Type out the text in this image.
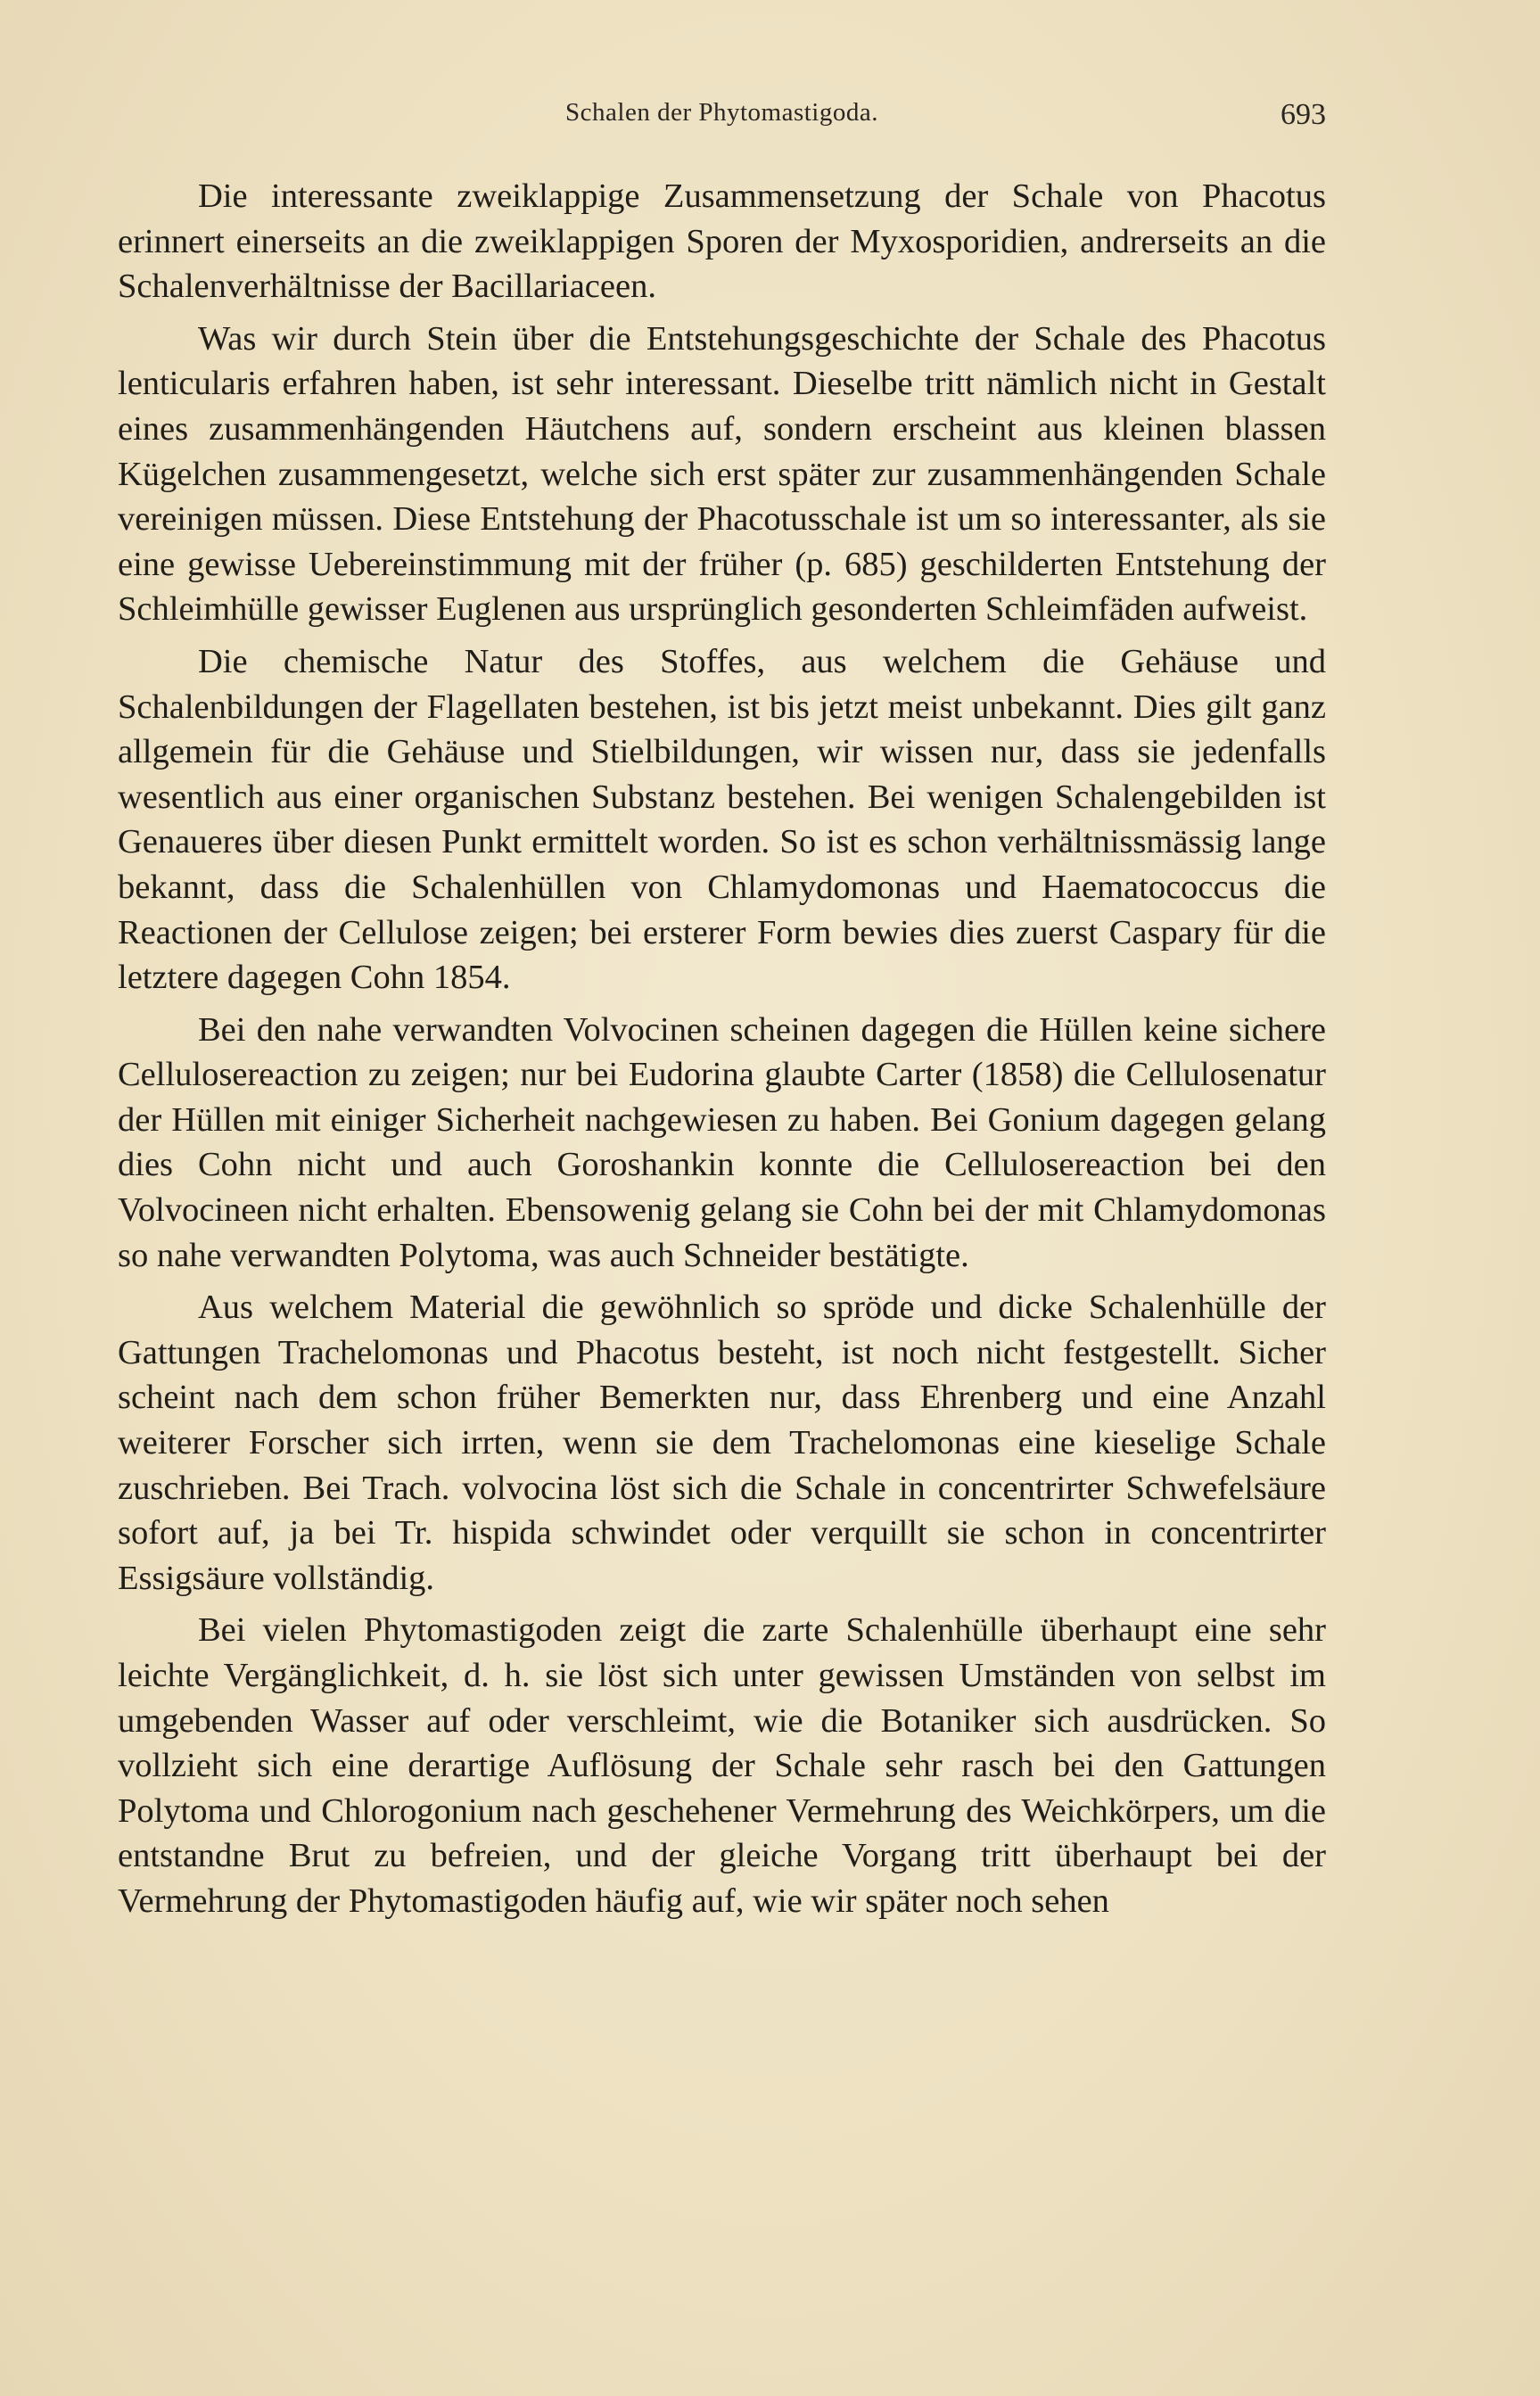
Schalen der Phytomastigoda.	693

Die interessante zweiklappige Zusammensetzung der Schale von Phacotus erinnert einerseits an die zweiklappigen Sporen der Myxosporidien, andrerseits an die Schalenverhältnisse der Bacillariaceen.

Was wir durch Stein über die Entstehungsgeschichte der Schale des Phacotus lenticularis erfahren haben, ist sehr interessant. Dieselbe tritt nämlich nicht in Gestalt eines zusammenhängenden Häutchens auf, sondern erscheint aus kleinen blassen Kügelchen zusammengesetzt, welche sich erst später zur zusammenhängenden Schale vereinigen müssen. Diese Entstehung der Phacotusschale ist um so interessanter, als sie eine gewisse Uebereinstimmung mit der früher (p. 685) geschilderten Entstehung der Schleimhülle gewisser Euglenen aus ursprünglich gesonderten Schleimfäden aufweist.

Die chemische Natur des Stoffes, aus welchem die Gehäuse und Schalenbildungen der Flagellaten bestehen, ist bis jetzt meist unbekannt. Dies gilt ganz allgemein für die Gehäuse und Stielbildungen, wir wissen nur, dass sie jedenfalls wesentlich aus einer organischen Substanz bestehen. Bei wenigen Schalengebilden ist Genaueres über diesen Punkt ermittelt worden. So ist es schon verhältnissmässig lange bekannt, dass die Schalenhüllen von Chlamydomonas und Haematococcus die Reactionen der Cellulose zeigen; bei ersterer Form bewies dies zuerst Caspary für die letztere dagegen Cohn 1854.

Bei den nahe verwandten Volvocinen scheinen dagegen die Hüllen keine sichere Cellulosereaction zu zeigen; nur bei Eudorina glaubte Carter (1858) die Cellulosenatur der Hüllen mit einiger Sicherheit nachgewiesen zu haben. Bei Gonium dagegen gelang dies Cohn nicht und auch Goroshankin konnte die Cellulosereaction bei den Volvocineen nicht erhalten. Ebensowenig gelang sie Cohn bei der mit Chlamydomonas so nahe verwandten Polytoma, was auch Schneider bestätigte.

Aus welchem Material die gewöhnlich so spröde und dicke Schalenhülle der Gattungen Trachelomonas und Phacotus besteht, ist noch nicht festgestellt. Sicher scheint nach dem schon früher Bemerkten nur, dass Ehrenberg und eine Anzahl weiterer Forscher sich irrten, wenn sie dem Trachelomonas eine kieselige Schale zuschrieben. Bei Trach. volvocina löst sich die Schale in concentrirter Schwefelsäure sofort auf, ja bei Tr. hispida schwindet oder verquillt sie schon in concentrirter Essigsäure vollständig.

Bei vielen Phytomastigoden zeigt die zarte Schalenhülle überhaupt eine sehr leichte Vergänglichkeit, d. h. sie löst sich unter gewissen Umständen von selbst im umgebenden Wasser auf oder verschleimt, wie die Botaniker sich ausdrücken. So vollzieht sich eine derartige Auflösung der Schale sehr rasch bei den Gattungen Polytoma und Chlorogonium nach geschehener Vermehrung des Weichkörpers, um die entstandne Brut zu befreien, und der gleiche Vorgang tritt überhaupt bei der Vermehrung der Phytomastigoden häufig auf, wie wir später noch sehen
